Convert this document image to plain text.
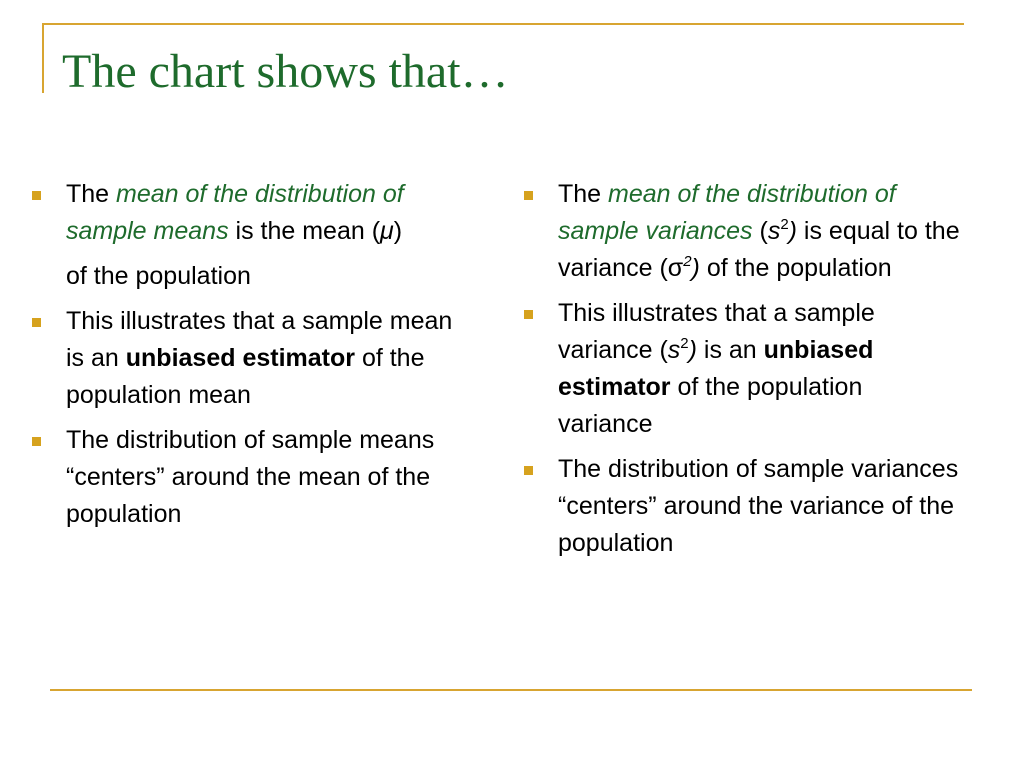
The chart shows that…
The mean of the distribution of sample means is the mean (μ)
of the population
This illustrates that a sample mean is an unbiased estimator of the population mean
The distribution of sample means “centers” around the mean of the population
The mean of the distribution of sample variances $(s^2)$ is equal to the variance $(\sigma^2)$ of the population
This illustrates that a sample variance $(s^2)$ is an unbiased estimator of the population variance
The distribution of sample variances “centers” around the variance of the population
